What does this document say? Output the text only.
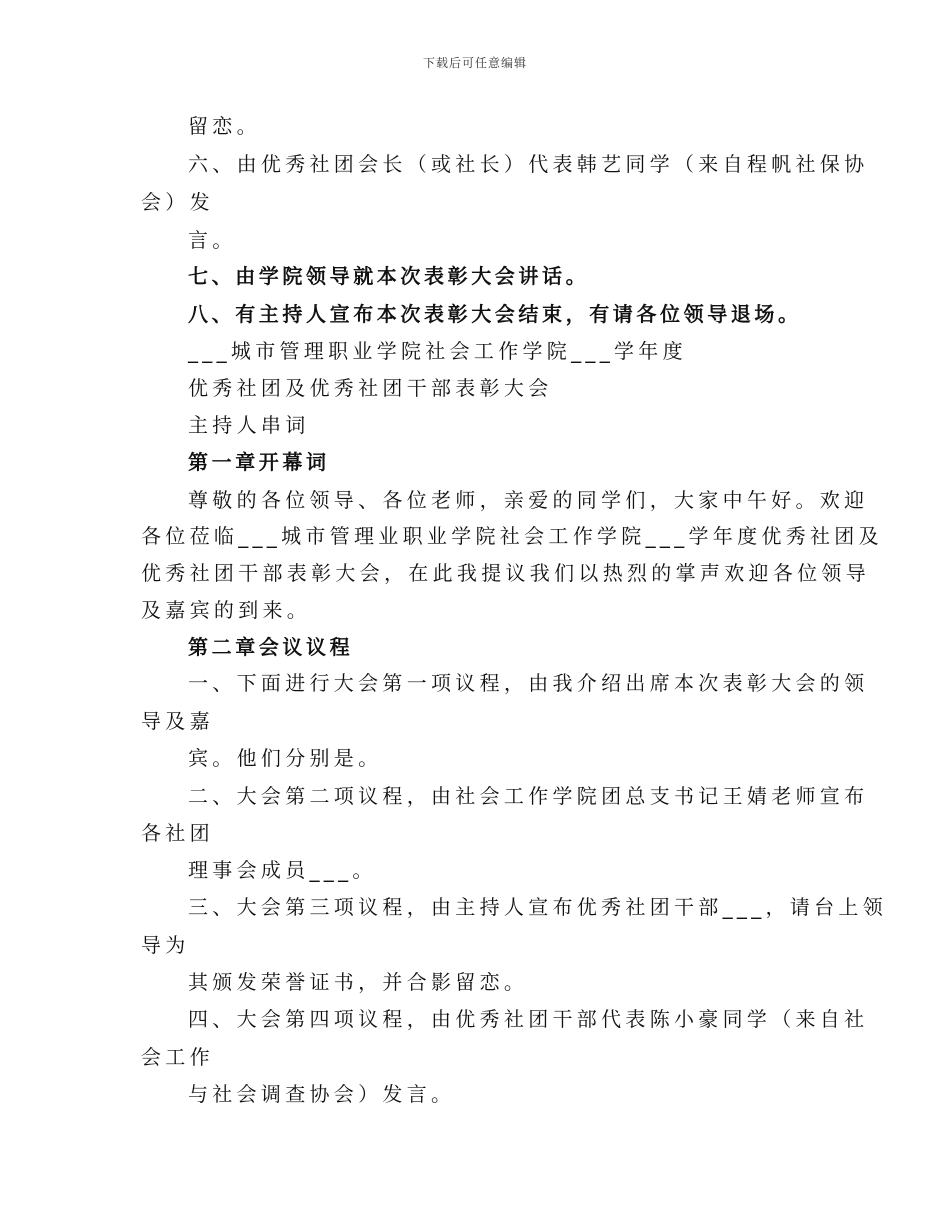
下载后可任意编辑
留恋。
六、由优秀社团会长（或社长）代表韩艺同学（来自程帆社保协
会）发
言。
七、由学院领导就本次表彰大会讲话。
八、有主持人宣布本次表彰大会结束，有请各位领导退场。
___城市管理职业学院社会工作学院___学年度
优秀社团及优秀社团干部表彰大会
主持人串词
第一章开幕词
尊敬的各位领导、各位老师，亲爱的同学们，大家中午好。欢迎
各位莅临___城市管理业职业学院社会工作学院___学年度优秀社团及
优秀社团干部表彰大会，在此我提议我们以热烈的掌声欢迎各位领导
及嘉宾的到来。
第二章会议议程
一、下面进行大会第一项议程，由我介绍出席本次表彰大会的领
导及嘉
宾。他们分别是。
二、大会第二项议程，由社会工作学院团总支书记王婧老师宣布
各社团
理事会成员___。
三、大会第三项议程，由主持人宣布优秀社团干部___，请台上领
导为
其颁发荣誉证书，并合影留恋。
四、大会第四项议程，由优秀社团干部代表陈小豪同学（来自社
会工作
与社会调查协会）发言。
